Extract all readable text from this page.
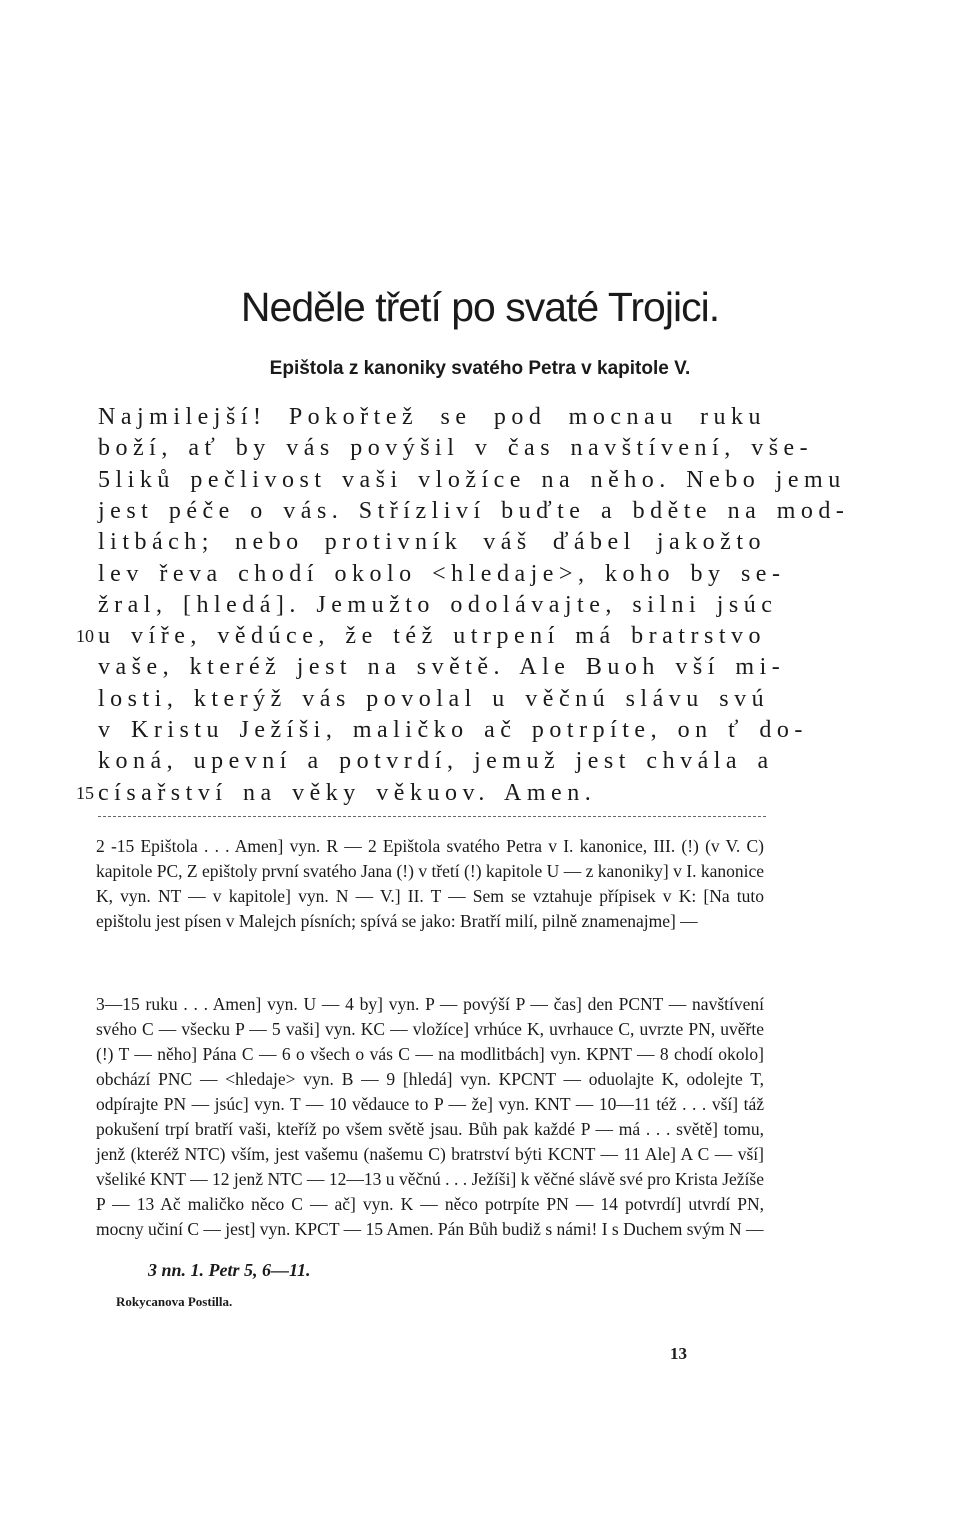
Neděle třetí po svaté Trojici.
Epištola z kanoniky svatého Petra v kapitole V.
Najmilejší! Pokořtež se pod mocnau ruku
boží, ať by vás povýšil v čas navštívení, vše-
5liků pečlivost vaši vložíce na něho. Nebo jemu
jest péče o vás. Střízliví buďte a bděte na mod-
litbách; nebo protivník váš ďábel jakožto
lev řeva chodí okolo <hledaje>, koho by se-
žral, [hledá]. Jemužto odolávajte, silni jsúc
u víře, vědúce, že též utrpení má bratrstvo
10
vaše, kteréž jest na světě. Ale Buoh vší mi-
losti, kterýž vás povolal u věčnú slávu svú
v Kristu Ježíši, maličko ač potrpíte, on ť do-
koná, upevní a potvrdí, jemuž jest chvála a
císařství na věky věkuov. Amen.
15
2 -15 Epištola . . . Amen] vyn. R — 2 Epištola svatého Petra v I. kanonice, III. (!) (v V. C) kapitole PC, Z epištoly první svatého Jana (!) v třetí (!) kapitole U — z kanoniky] v I. kanonice K, vyn. NT — v kapitole] vyn. N — V.] II. T — Sem se vztahuje přípisek v K: [Na tuto epištolu jest písen v Malejch písních; spívá se jako: Bratří milí, pilně znamenajme] —
3—15 ruku . . . Amen] vyn. U — 4 by] vyn. P — povýší P — čas] den PCNT — navštívení svého C — všecku P — 5 vaši] vyn. KC — vložíce] vrhúce K, uvrhauce C, uvrzte PN, uvěřte (!) T — něho] Pána C — 6 o všech o vás C — na modlitbách] vyn. KPNT — 8 chodí okolo] obchází PNC — <hledaje> vyn. B — 9 [hledá] vyn. KPCNT — oduolajte K, odolejte T, odpírajte PN — jsúc] vyn. T — 10 vědauce to P — že] vyn. KNT — 10—11 též . . . vší] táž pokušení trpí bratří vaši, kteříž po všem světě jsau. Bůh pak každé P — má . . . světě] tomu, jenž (kteréž NTC) vším, jest vašemu (našemu C) bratrství býti KCNT — 11 Ale] A C — vší] všeliké KNT — 12 jenž NTC — 12—13 u věčnú . . . Ježíši] k věčné slávě své pro Krista Ježíše P — 13 Ač maličko něco C — ač] vyn. K — něco potrpíte PN — 14 potvrdí] utvrdí PN, mocny učiní C — jest] vyn. KPCT — 15 Amen. Pán Bůh budiž s námi! I s Duchem svým N —

3 nn. 1. Petr 5, 6—11.

Rokycanova Postilla.
13
